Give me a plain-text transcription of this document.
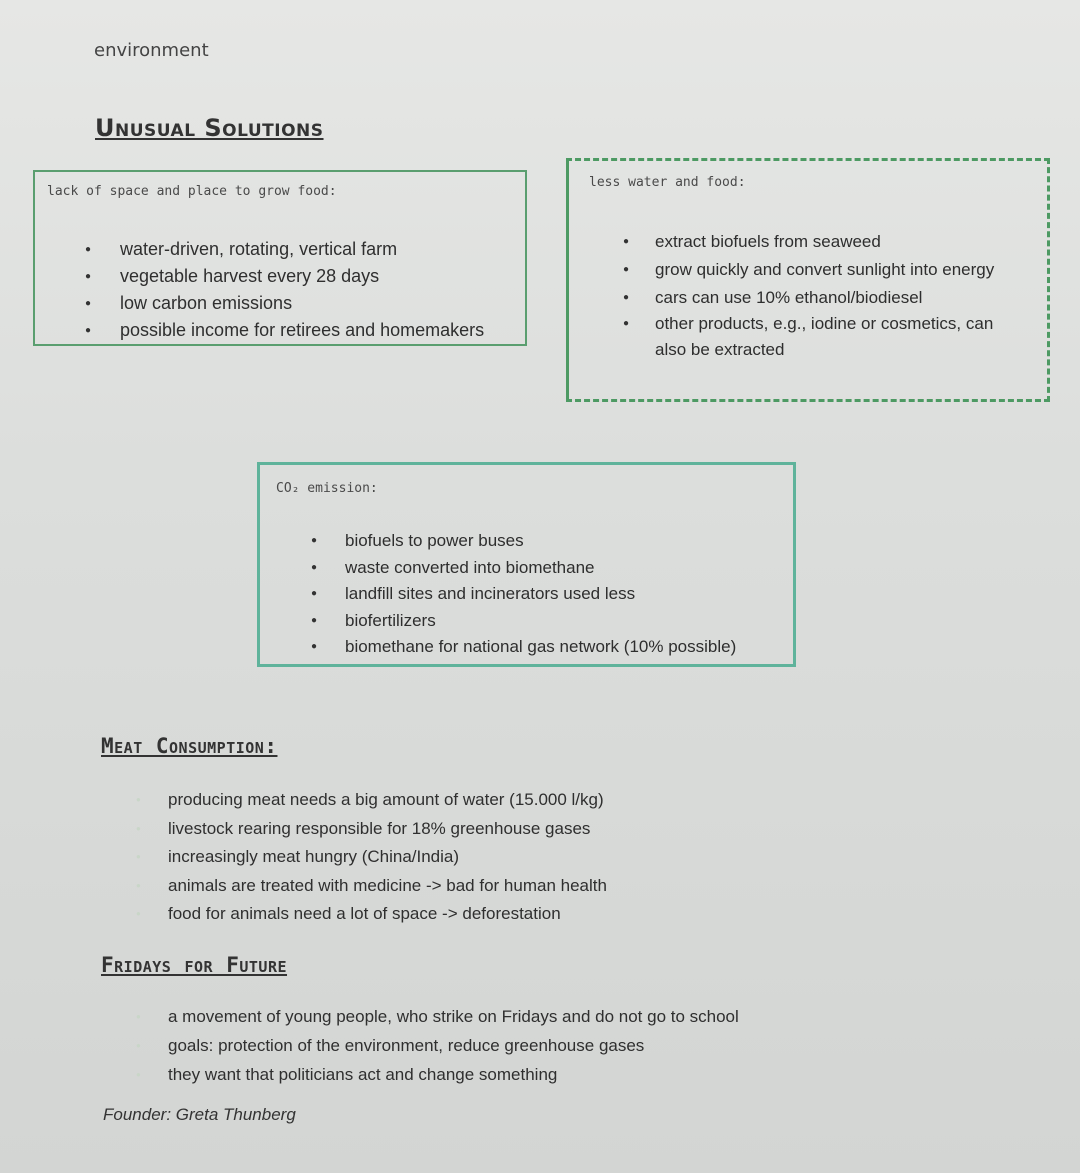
environment
Unusual Solutions
lack of space and place to grow food:
● water-driven, rotating, vertical farm
● vegetable harvest every 28 days
● low carbon emissions
● possible income for retirees and homemakers
less water and food:
● extract biofuels from seaweed
● grow quickly and convert sunlight into energy
● cars can use 10% ethanol/biodiesel
● other products, e.g., iodine or cosmetics, can also be extracted
CO₂ emission:
● biofuels to power buses
● waste converted into biomethane
● landfill sites and incinerators used less
● biofertilizers
● biomethane for national gas network (10% possible)
Meat Consumption:
● producing meat needs a big amount of water (15.000 l/kg)
● livestock rearing responsible for 18% greenhouse gases
● increasingly meat hungry (China/India)
● animals are treated with medicine -> bad for human health
● food for animals need a lot of space -> deforestation
Fridays for Future
● a movement of young people, who strike on Fridays and do not go to school
● goals: protection of the environment, reduce greenhouse gases
● they want that politicians act and change something
Founder: Greta Thunberg
